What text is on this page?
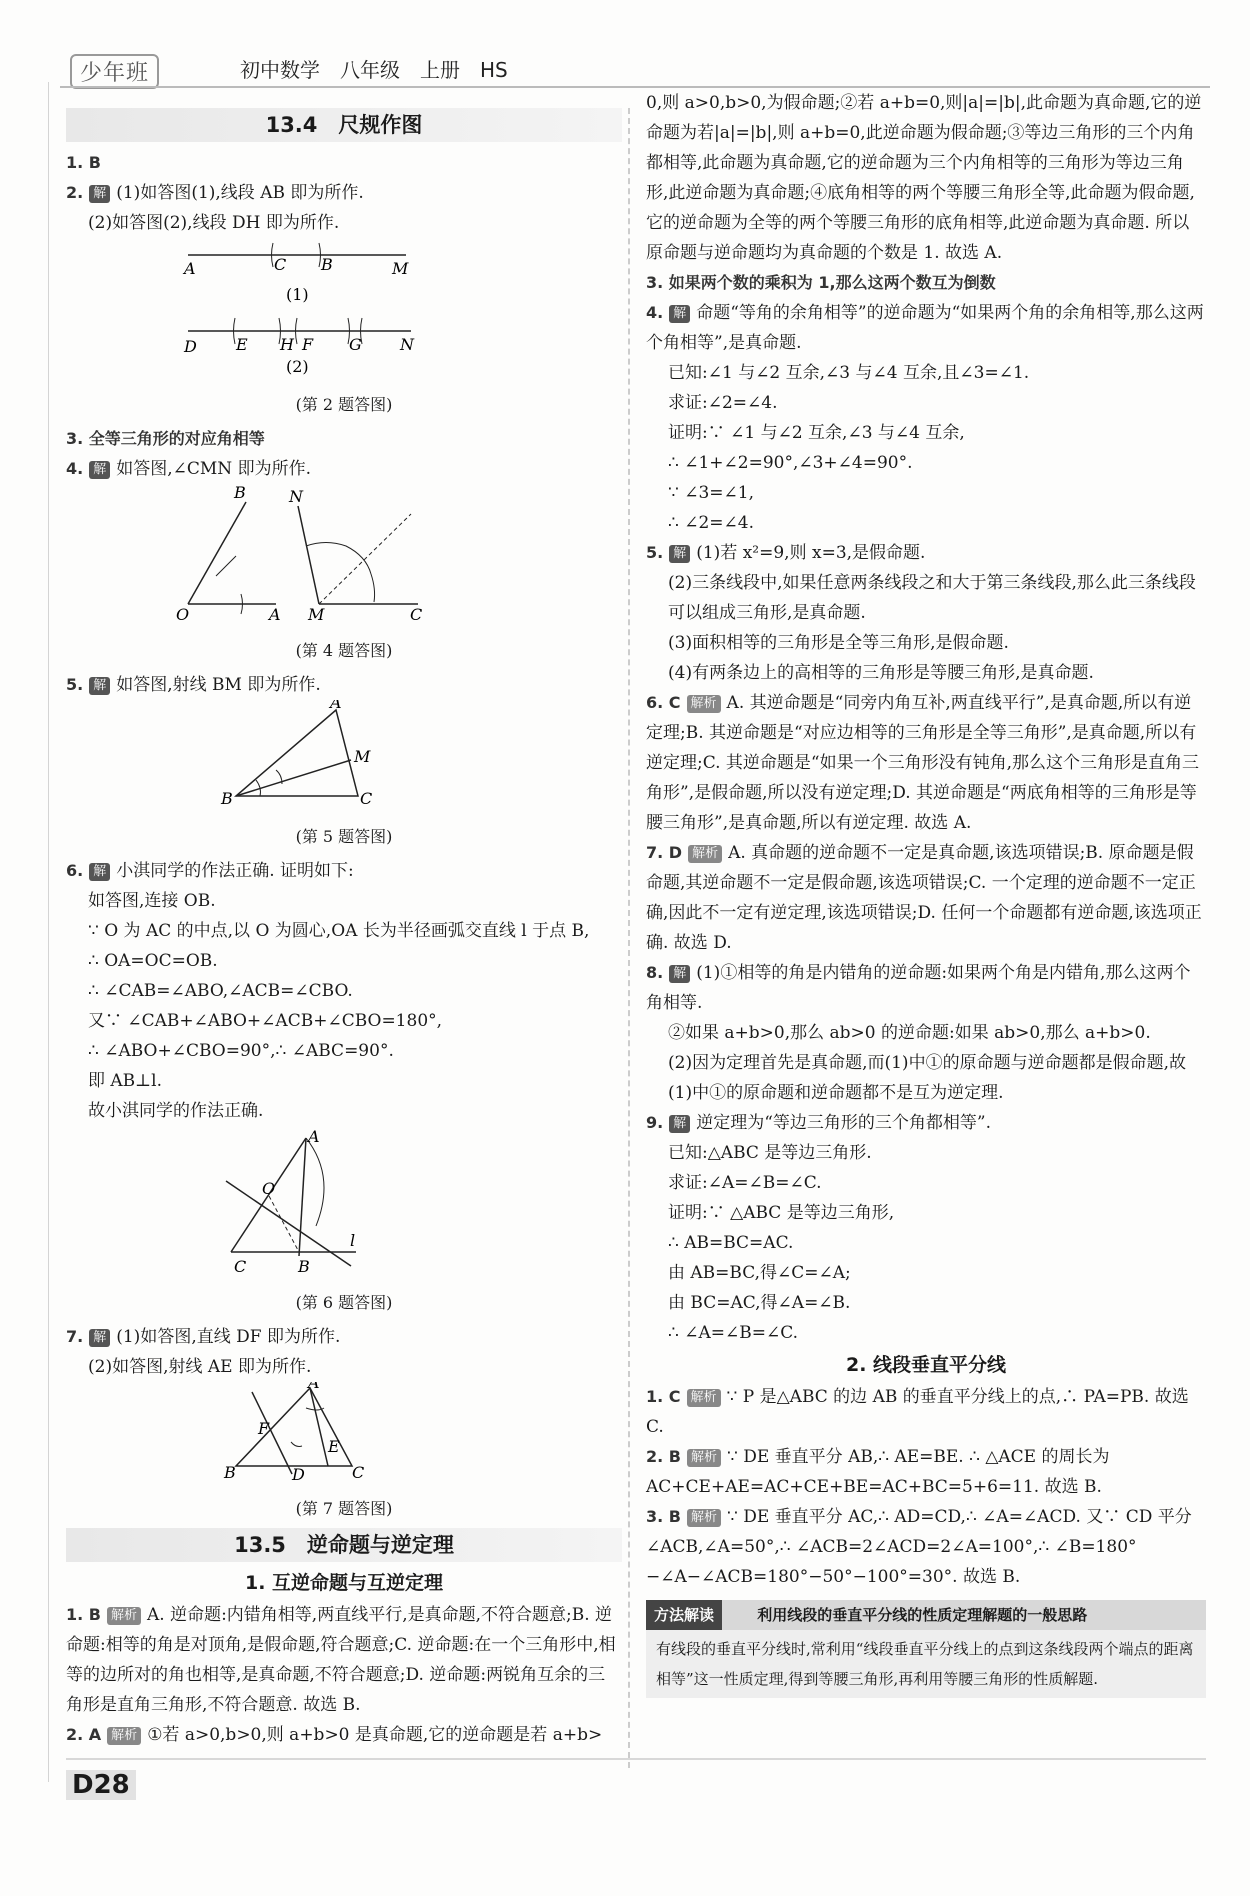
少年班	初中数学　八年级　上册　HS
13.4　尺规作图

1. B

2. 解 (1)如答图(1),线段 AB 即为所作.

(2)如答图(2),线段 DH 即为所作.

A	C B	M
(1)
D E H F G N
(2)
(第 2 题答图)

3. 全等三角形的对应角相等

4. 解 如答图,∠CMN 即为所作.

B
O	A
N
M	C
(第 4 题答图)

5. 解 如答图,射线 BM 即为所作.

A
M
B	C
(第 5 题答图)

6. 解 小淇同学的作法正确. 证明如下:

如答图,连接 OB.

∵ O 为 AC 的中点,以 O 为圆心,OA 长为半径画弧交直线 l 于点 B,

∴ OA=OC=OB.

∴ ∠CAB=∠ABO,∠ACB=∠CBO.

又∵ ∠CAB+∠ABO+∠ACB+∠CBO=180°,

∴ ∠ABO+∠CBO=90°,∴ ∠ABC=90°.

即 AB⊥l.

故小淇同学的作法正确.

A
O
l
C	B
(第 6 题答图)

7. 解 (1)如答图,直线 DF 即为所作.

(2)如答图,射线 AE 即为所作.

A
F
E
B	D	C
(第 7 题答图)
13.5　逆命题与逆定理
1. 互逆命题与互逆定理

1. B 解析 A. 逆命题:内错角相等,两直线平行,是真命题,不符合题意;B. 逆命题:相等的角是对顶角,是假命题,符合题意;C. 逆命题:在一个三角形中,相等的边所对的角也相等,是真命题,不符合题意;D. 逆命题:两锐角互余的三角形是直角三角形,不符合题意. 故选 B.

2. A 解析 ①若 a>0,b>0,则 a+b>0 是真命题,它的逆命题是若 a+b>

0,则 a>0,b>0,为假命题;②若 a+b=0,则|a|=|b|,此命题为真命题,它的逆命题为若|a|=|b|,则 a+b=0,此逆命题为假命题;③等边三角形的三个内角都相等,此命题为真命题,它的逆命题为三个内角相等的三角形为等边三角形,此逆命题为真命题;④底角相等的两个等腰三角形全等,此命题为假命题,它的逆命题为全等的两个等腰三角形的底角相等,此逆命题为真命题. 所以原命题与逆命题均为真命题的个数是 1. 故选 A.

3. 如果两个数的乘积为 1,那么这两个数互为倒数

4. 解 命题“等角的余角相等”的逆命题为“如果两个角的余角相等,那么这两个角相等”,是真命题.

已知:∠1 与∠2 互余,∠3 与∠4 互余,且∠3=∠1.

求证:∠2=∠4.

证明:∵ ∠1 与∠2 互余,∠3 与∠4 互余,

∴ ∠1+∠2=90°,∠3+∠4=90°.

∵ ∠3=∠1,

∴ ∠2=∠4.

5. 解 (1)若 x²=9,则 x=3,是假命题.

(2)三条线段中,如果任意两条线段之和大于第三条线段,那么此三条线段可以组成三角形,是真命题.

(3)面积相等的三角形是全等三角形,是假命题.

(4)有两条边上的高相等的三角形是等腰三角形,是真命题.

6. C 解析 A. 其逆命题是“同旁内角互补,两直线平行”,是真命题,所以有逆定理;B. 其逆命题是“对应边相等的三角形是全等三角形”,是真命题,所以有逆定理;C. 其逆命题是“如果一个三角形没有钝角,那么这个三角形是直角三角形”,是假命题,所以没有逆定理;D. 其逆命题是“两底角相等的三角形是等腰三角形”,是真命题,所以有逆定理. 故选 A.

7. D 解析 A. 真命题的逆命题不一定是真命题,该选项错误;B. 原命题是假命题,其逆命题不一定是假命题,该选项错误;C. 一个定理的逆命题不一定正确,因此不一定有逆定理,该选项错误;D. 任何一个命题都有逆命题,该选项正确. 故选 D.

8. 解 (1)①相等的角是内错角的逆命题:如果两个角是内错角,那么这两个角相等.

②如果 a+b>0,那么 ab>0 的逆命题:如果 ab>0,那么 a+b>0.

(2)因为定理首先是真命题,而(1)中①的原命题与逆命题都是假命题,故(1)中①的原命题和逆命题都不是互为逆定理.

9. 解 逆定理为“等边三角形的三个角都相等”.

已知:△ABC 是等边三角形.

求证:∠A=∠B=∠C.

证明:∵ △ABC 是等边三角形,

∴ AB=BC=AC.

由 AB=BC,得∠C=∠A;

由 BC=AC,得∠A=∠B.

∴ ∠A=∠B=∠C.

2. 线段垂直平分线

1. C 解析 ∵ P 是△ABC 的边 AB 的垂直平分线上的点,∴ PA=PB. 故选 C.

2. B 解析 ∵ DE 垂直平分 AB,∴ AE=BE. ∴ △ACE 的周长为 AC+CE+AE=AC+CE+BE=AC+BC=5+6=11. 故选 B.

3. B 解析 ∵ DE 垂直平分 AC,∴ AD=CD,∴ ∠A=∠ACD. 又∵ CD 平分∠ACB,∠A=50°,∴ ∠ACB=2∠ACD=2∠A=100°,∴ ∠B=180°−∠A−∠ACB=180°−50°−100°=30°. 故选 B.

方法解读	利用线段的垂直平分线的性质定理解题的一般思路
有线段的垂直平分线时,常利用“线段垂直平分线上的点到这条线段两个端点的距离相等”这一性质定理,得到等腰三角形,再利用等腰三角形的性质解题.
D28
